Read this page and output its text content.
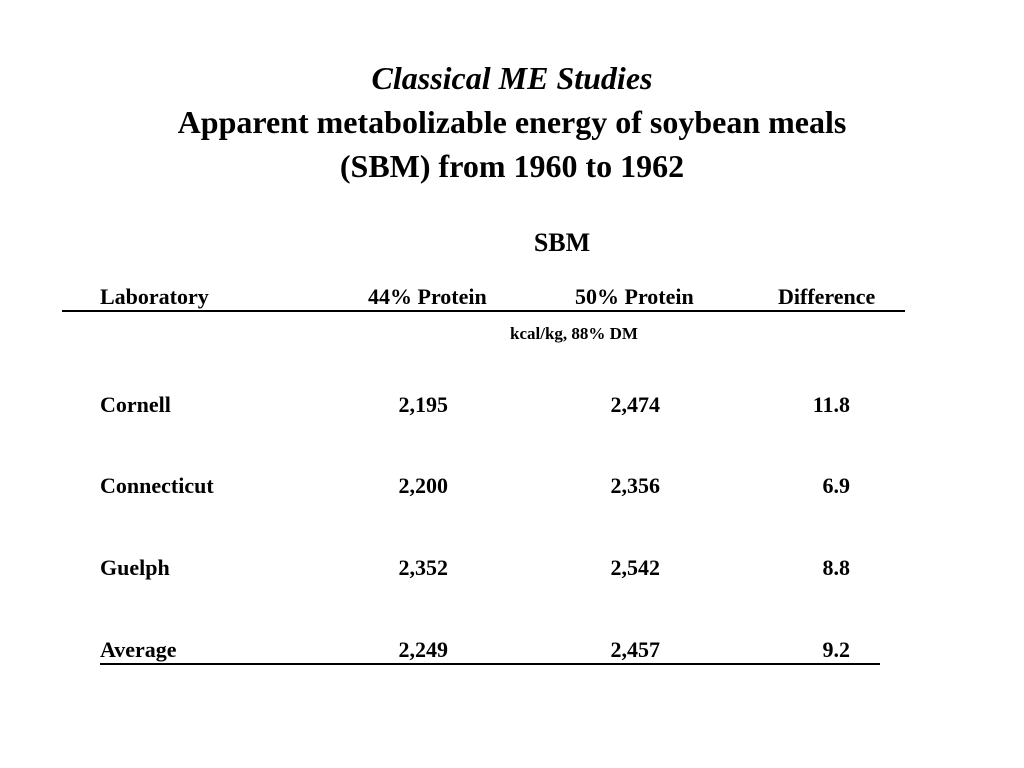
Classical ME Studies
Apparent metabolizable energy of soybean meals
(SBM) from 1960 to 1962
SBM
Laboratory	44% Protein	50% Protein	Difference
kcal/kg, 88% DM
Cornell	2,195	2,474	11.8
Connecticut	2,200	2,356	6.9
Guelph	2,352	2,542	8.8
Average	2,249	2,457	9.2
